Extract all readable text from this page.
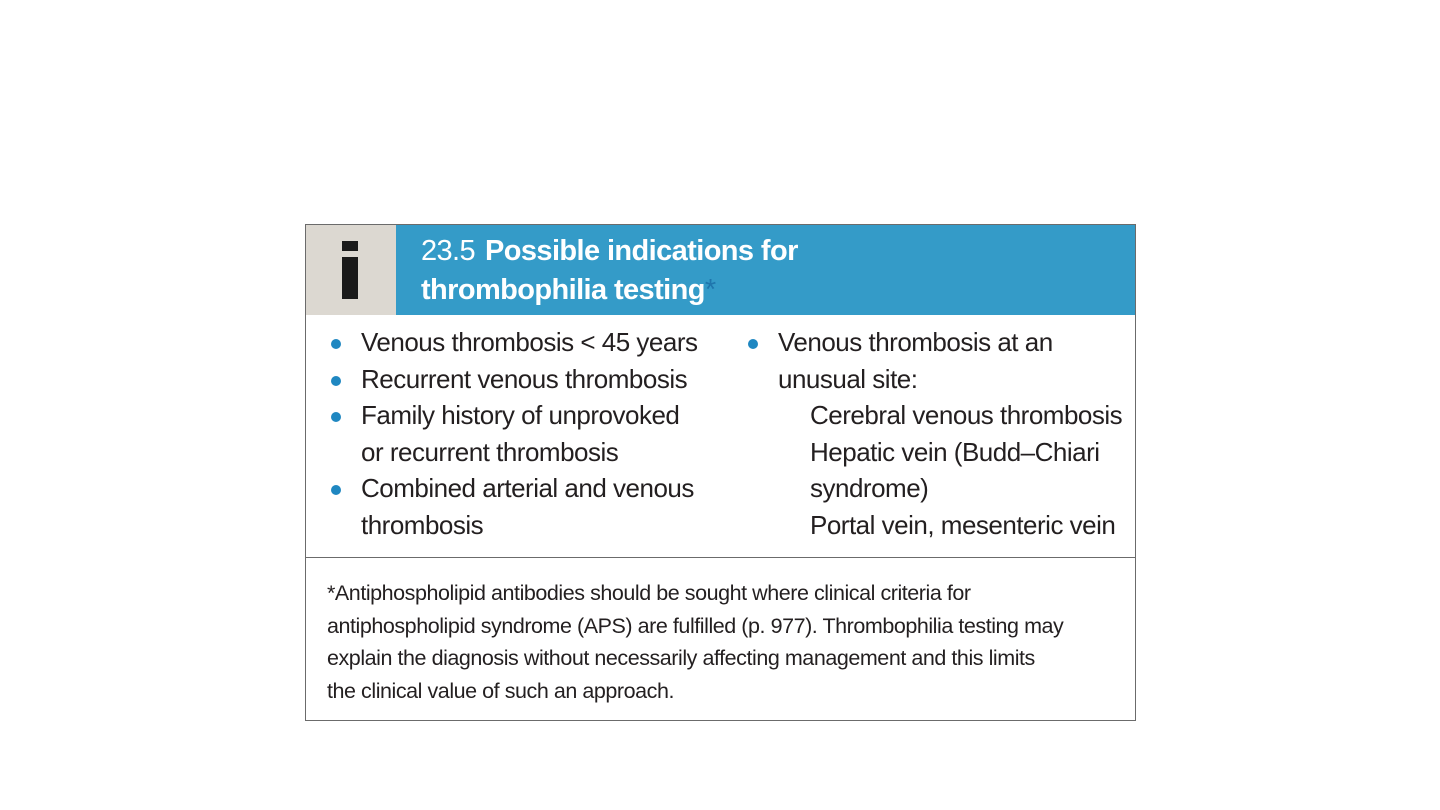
23.5 Possible indications for
thrombophilia testing*
Venous thrombosis < 45 years
Recurrent venous thrombosis
Family history of unprovoked
or recurrent thrombosis
Combined arterial and venous
thrombosis
Venous thrombosis at an
unusual site:
Cerebral venous thrombosis
Hepatic vein (Budd–Chiari
syndrome)
Portal vein, mesenteric vein
*Antiphospholipid antibodies should be sought where clinical criteria for
antiphospholipid syndrome (APS) are fulfilled (p. 977). Thrombophilia testing may
explain the diagnosis without necessarily affecting management and this limits
the clinical value of such an approach.
